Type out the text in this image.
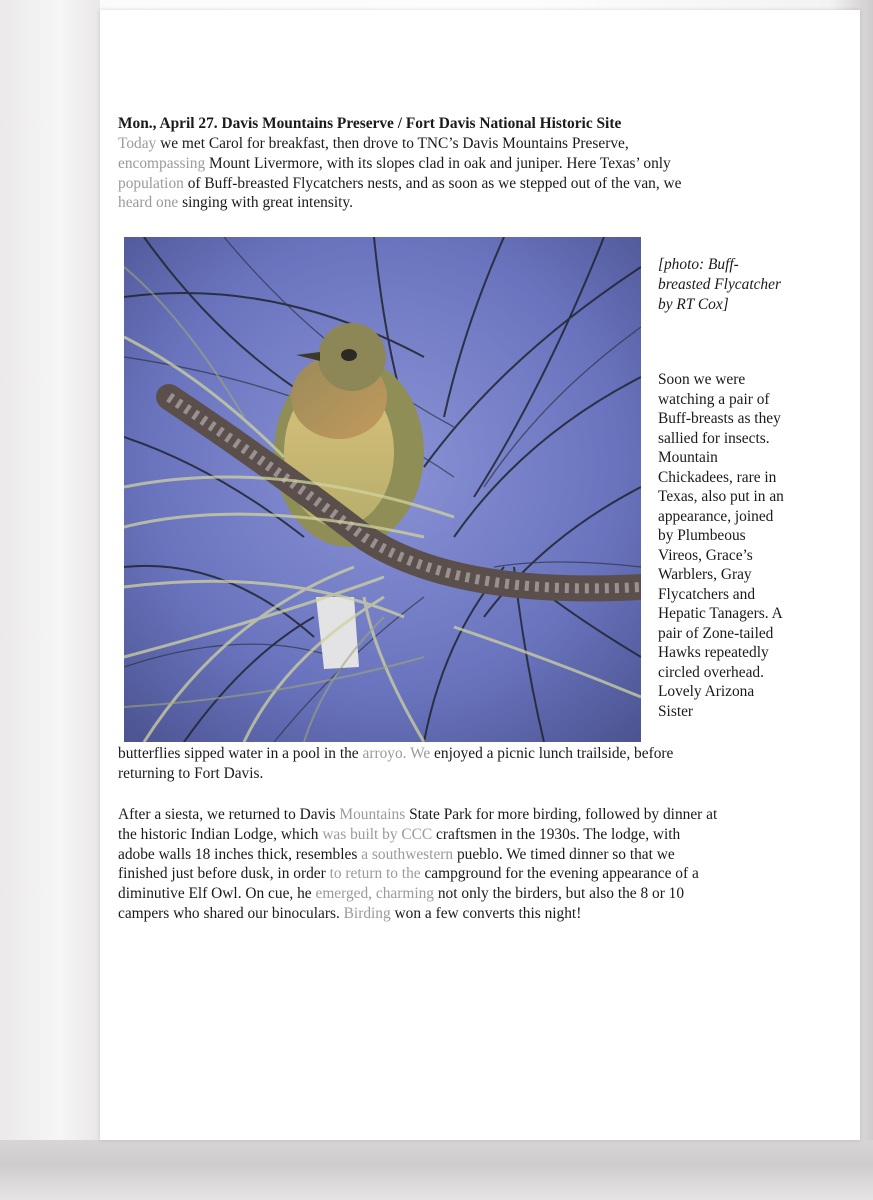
Mon., April 27. Davis Mountains Preserve / Fort Davis National Historic Site
Today we met Carol for breakfast, then drove to TNC’s Davis Mountains Preserve,
encompassing Mount Livermore, with its slopes clad in oak and juniper. Here Texas’ only
population of Buff-breasted Flycatchers nests, and as soon as we stepped out of the van, we
heard one singing with great intensity.
[photo: Buff-breasted Flycatcher by RT Cox]
Soon we were watching a pair of Buff-breasts as they sallied for insects. Mountain Chickadees, rare in Texas, also put in an appearance, joined by Plumbeous Vireos, Grace’s Warblers, Gray Flycatchers and Hepatic Tanagers. A pair of Zone-tailed Hawks repeatedly circled overhead. Lovely Arizona Sister
butterflies sipped water in a pool in the arroyo. We enjoyed a picnic lunch trailside, before
returning to Fort Davis.
After a siesta, we returned to Davis Mountains State Park for more birding, followed by dinner at
the historic Indian Lodge, which was built by CCC craftsmen in the 1930s. The lodge, with
adobe walls 18 inches thick, resembles a southwestern pueblo. We timed dinner so that we
finished just before dusk, in order to return to the campground for the evening appearance of a
diminutive Elf Owl. On cue, he emerged, charming not only the birders, but also the 8 or 10
campers who shared our binoculars. Birding won a few converts this night!
